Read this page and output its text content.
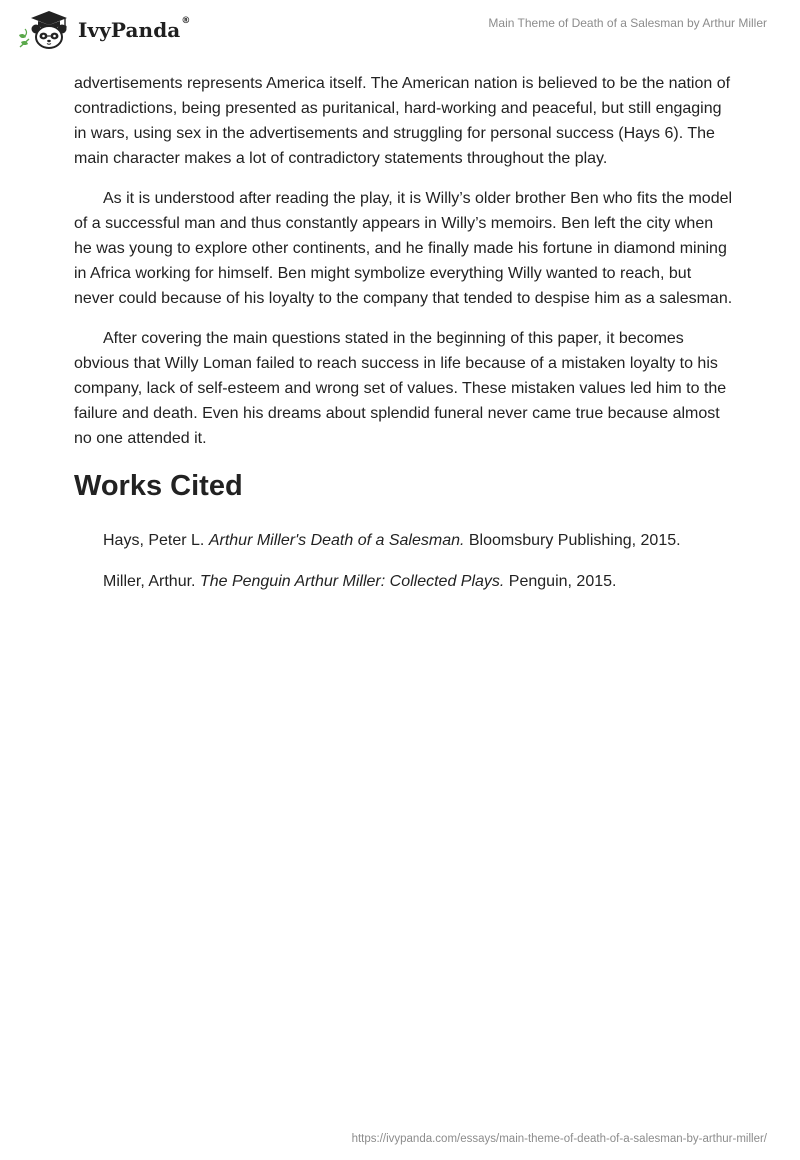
IvyPanda®	Main Theme of Death of a Salesman by Arthur Miller

advertisements represents America itself. The American nation is believed to be the nation of contradictions, being presented as puritanical, hard-working and peaceful, but still engaging in wars, using sex in the advertisements and struggling for personal success (Hays 6). The main character makes a lot of contradictory statements throughout the play.

As it is understood after reading the play, it is Willy’s older brother Ben who fits the model of a successful man and thus constantly appears in Willy’s memoirs. Ben left the city when he was young to explore other continents, and he finally made his fortune in diamond mining in Africa working for himself. Ben might symbolize everything Willy wanted to reach, but never could because of his loyalty to the company that tended to despise him as a salesman.

After covering the main questions stated in the beginning of this paper, it becomes obvious that Willy Loman failed to reach success in life because of a mistaken loyalty to his company, lack of self-esteem and wrong set of values. These mistaken values led him to the failure and death. Even his dreams about splendid funeral never came true because almost no one attended it.

Works Cited

Hays, Peter L. Arthur Miller's Death of a Salesman. Bloomsbury Publishing, 2015.

Miller, Arthur. The Penguin Arthur Miller: Collected Plays. Penguin, 2015.

https://ivypanda.com/essays/main-theme-of-death-of-a-salesman-by-arthur-miller/
